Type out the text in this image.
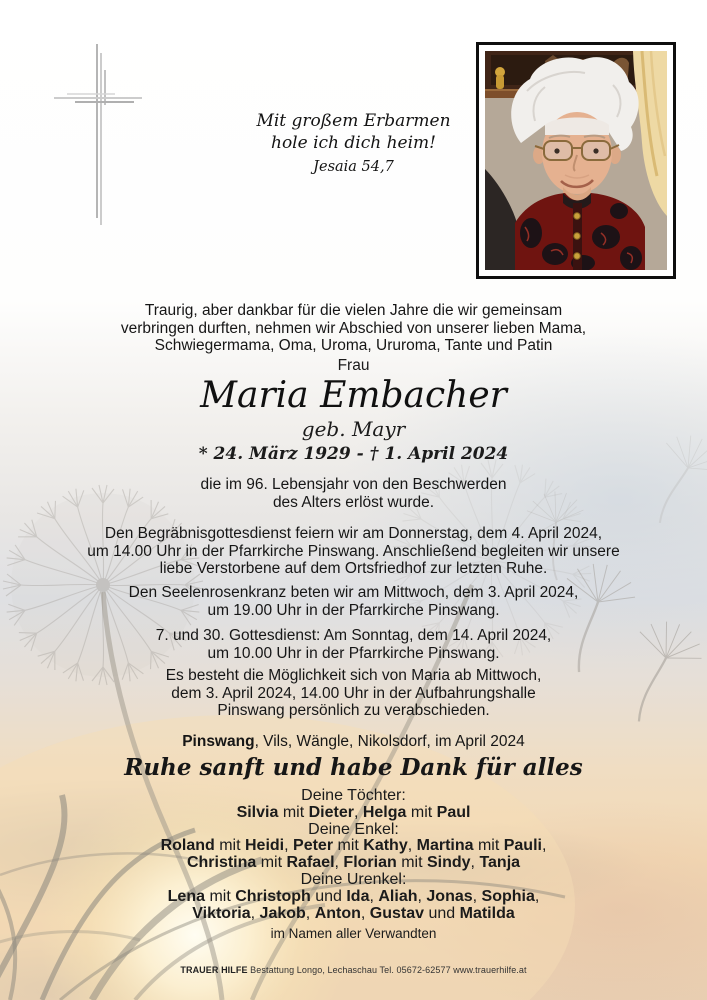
Mit großem Erbarmen
hole ich dich heim!
Jesaia 54,7
Traurig, aber dankbar für die vielen Jahre die wir gemeinsam
verbringen durften, nehmen wir Abschied von unserer lieben Mama,
Schwiegermama, Oma, Uroma, Ururoma, Tante und Patin
Frau
Maria Embacher
geb. Mayr
* 24. März 1929 - † 1. April 2024
die im 96. Lebensjahr von den Beschwerden
des Alters erlöst wurde.
Den Begräbnisgottesdienst feiern wir am Donnerstag, dem 4. April 2024,
um 14.00 Uhr in der Pfarrkirche Pinswang. Anschließend begleiten wir unsere
liebe Verstorbene auf dem Ortsfriedhof zur letzten Ruhe.
Den Seelenrosenkranz beten wir am Mittwoch, dem 3. April 2024,
um 19.00 Uhr in der Pfarrkirche Pinswang.
7. und 30. Gottesdienst: Am Sonntag, dem 14. April 2024,
um 10.00 Uhr in der Pfarrkirche Pinswang.
Es besteht die Möglichkeit sich von Maria ab Mittwoch,
dem 3. April 2024, 14.00 Uhr in der Aufbahrungshalle
Pinswang persönlich zu verabschieden.
Pinswang, Vils, Wängle, Nikolsdorf, im April 2024
Ruhe sanft und habe Dank für alles
Deine Töchter:
Silvia mit Dieter, Helga mit Paul
Deine Enkel:
Roland mit Heidi, Peter mit Kathy, Martina mit Pauli,
Christina mit Rafael, Florian mit Sindy, Tanja
Deine Urenkel:
Lena mit Christoph und Ida, Aliah, Jonas, Sophia,
Viktoria, Jakob, Anton, Gustav und Matilda
im Namen aller Verwandten
TRAUER HILFE Bestattung Longo, Lechaschau Tel. 05672-62577 www.trauerhilfe.at
